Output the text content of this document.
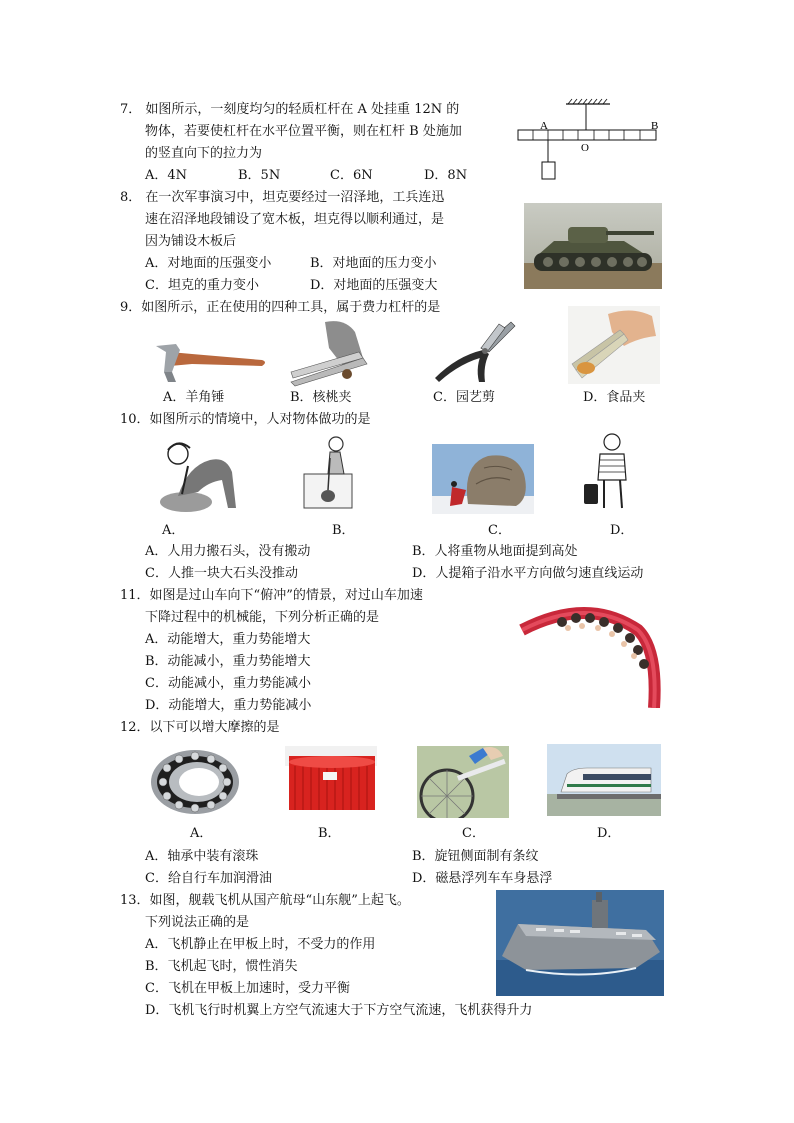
7． 如图所示，一刻度均匀的轻质杠杆在 A 处挂重 12N 的
物体，若要使杠杆在水平位置平衡，则在杠杆 B 处施加
的竖直向下的拉力为
A．4N	B．5N	C．6N	D．8N
A	B
O
8． 在一次军事演习中，坦克要经过一沼泽地，工兵连迅
速在沼泽地段铺设了宽木板，坦克得以顺利通过，是
因为铺设木板后
A．对地面的压强变小	B．对地面的压力变小
C．坦克的重力变小	D．对地面的压强变大
9．如图所示，正在使用的四种工具，属于费力杠杆的是
A．羊角锤	B．核桃夹	C．园艺剪	D．食品夹
10．如图所示的情境中，人对物体做功的是
A．	B．	C．	D．
A．人用力搬石头，没有搬动	B．人将重物从地面提到高处
C．人推一块大石头没推动	D．人提箱子沿水平方向做匀速直线运动
11．如图是过山车向下“俯冲”的情景，对过山车加速
下降过程中的机械能，下列分析正确的是
A．动能增大，重力势能增大
B．动能减小，重力势能增大
C．动能减小，重力势能减小
D．动能增大，重力势能减小
12．以下可以增大摩擦的是
A．	B．	C．	D．
A．轴承中装有滚珠	B．旋钮侧面制有条纹
C．给自行车加润滑油	D．磁悬浮列车车身悬浮
13．如图，舰载飞机从国产航母“山东舰”上起飞。
下列说法正确的是
A．飞机静止在甲板上时，不受力的作用
B．飞机起飞时，惯性消失
C．飞机在甲板上加速时，受力平衡
D．飞机飞行时机翼上方空气流速大于下方空气流速，飞机获得升力
